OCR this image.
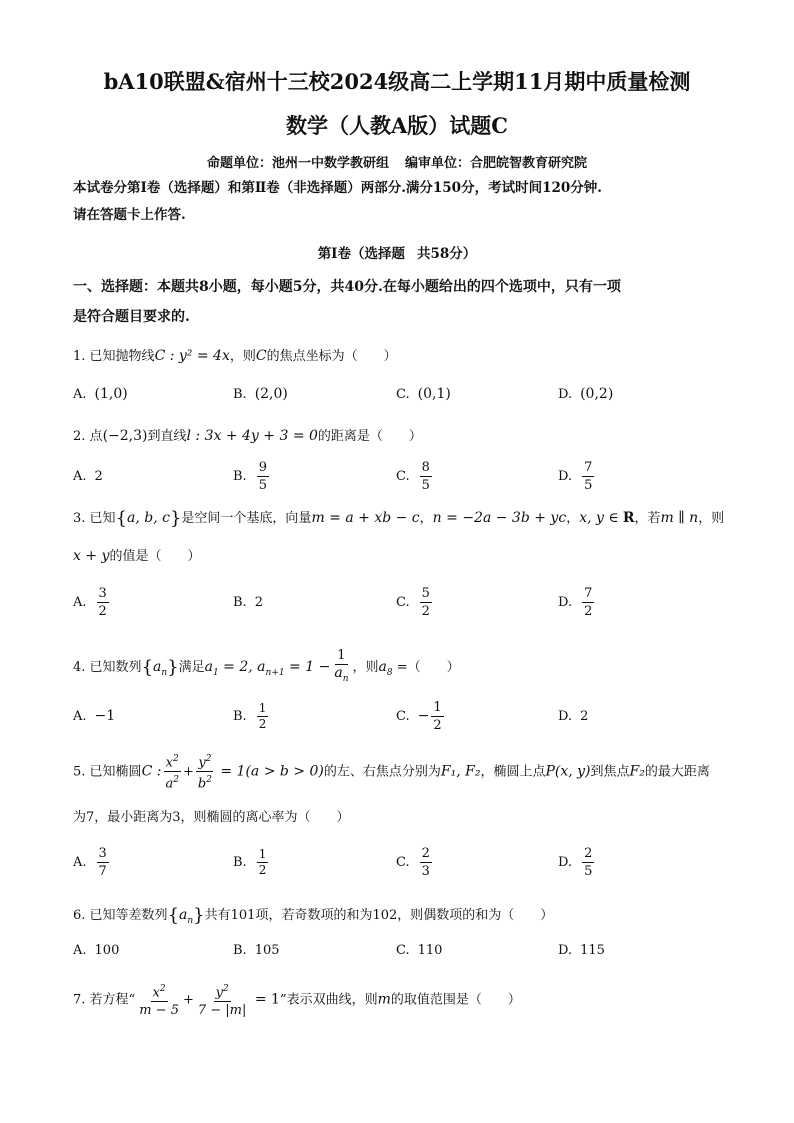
bA10联盟&宿州十三校2024级高二上学期11月期中质量检测
数学（人教A版）试题C
命题单位：池州一中数学教研组 编审单位：合肥皖智教育研究院
本试卷分第Ⅰ卷（选择题）和第Ⅱ卷（非选择题）两部分.满分150分，考试时间120分钟.
请在答题卡上作答.
第Ⅰ卷（选择题 共58分）
一、选择题：本题共8小题，每小题5分，共40分.在每小题给出的四个选项中，只有一项
是符合题目要求的.
1. 已知抛物线C : y² = 4x，则C的焦点坐标为（　　）
A. (1,0)	B. (2,0)	C. (0,1)	D. (0,2)
2. 点(−2,3)到直线l : 3x + 4y + 3 = 0的距离是（　　）
A. 2	B. $\frac{9}{5}$	C. $\frac{8}{5}$	D. $\frac{7}{5}$
3. 已知{a, b, c}是空间一个基底，向量m = a + xb − c，n = −2a − 3b + yc，x, y ∈ R，若m ∥ n，则
x + y的值是（　　）
A. $\frac{3}{2}$	B. 2	C. $\frac{5}{2}$	D. $\frac{7}{2}$
4. 已知数列$\{a_n\}$满足$a_1 = 2$, $a_{n+1} = 1 - \frac{1}{a_n}$ ，则$a_8$ =（　　）
A. −1	B. $\frac{1}{2}$	C. − $\frac{1}{2}$	D. 2
5. 已知椭圆C : $\frac{x^2}{a^2} + \frac{y^2}{b^2} = 1(a > b > 0)$的左、右焦点分别为F₁, F₂，椭圆上点P(x, y)到焦点F₂的最大距离
为7，最小距离为3，则椭圆的离心率为（　　）
A. $\frac{3}{7}$	B. $\frac{1}{2}$	C. $\frac{2}{3}$	D. $\frac{2}{5}$
6. 已知等差数列$\{a_n\}$共有101项，若奇数项的和为102，则偶数项的和为（　　）
A. 100	B. 105	C. 110	D. 115
7. 若方程“ $\frac{x^2}{m - 5} + \frac{y^2}{7 - |m|} = 1$”表示双曲线，则m的取值范围是（　　）
